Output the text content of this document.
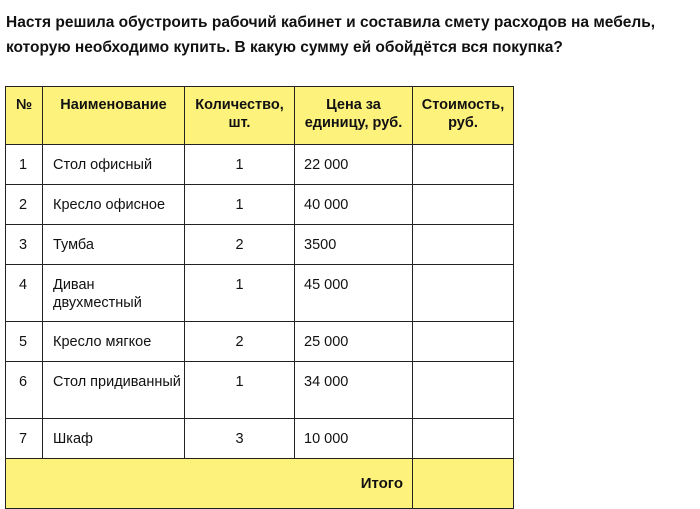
Настя решила обустроить рабочий кабинет и составила смету расходов на мебель, которую необходимо купить. В какую сумму ей обойдётся вся покупка?
№	Наименование	Количество, шт.	Цена за единицу, руб.	Стоимость, руб.
1	Стол офисный	1	22 000	
2	Кресло офисное	1	40 000	
3	Тумба	2	3500	
4	Диван двухместный	1	45 000	
5	Кресло мягкое	2	25 000	
6	Стол придиванный	1	34 000	
7	Шкаф	3	10 000	
Итого				
